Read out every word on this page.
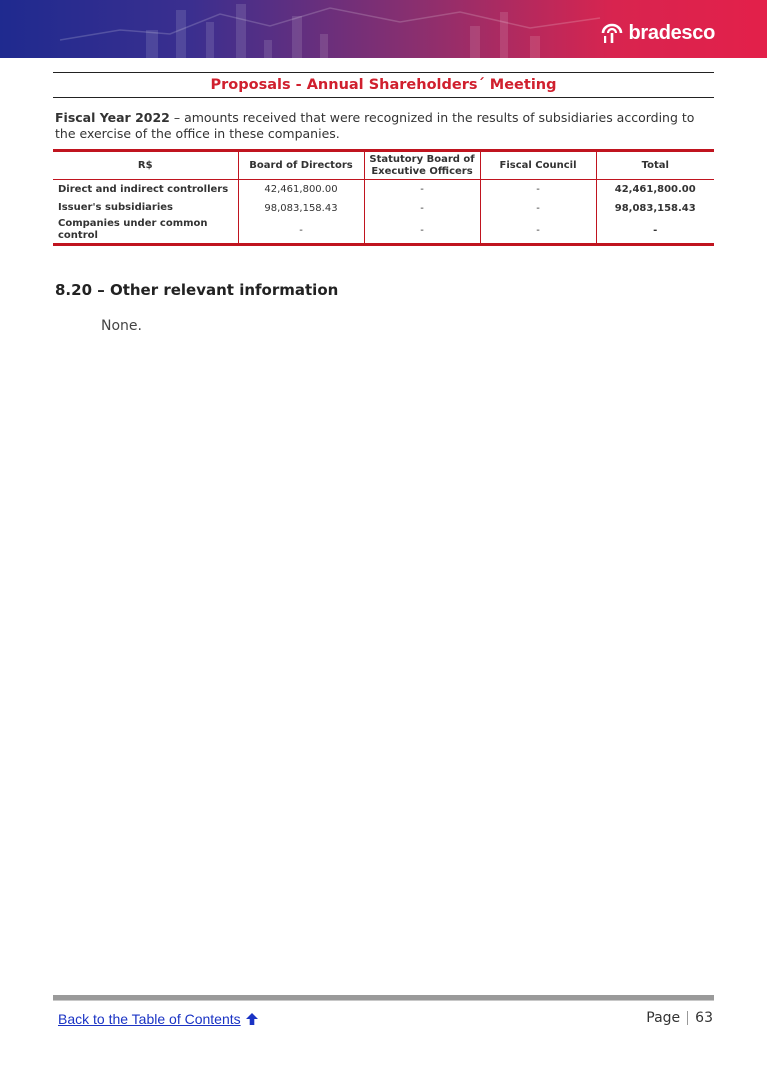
bradesco
Proposals - Annual Shareholders´ Meeting
Fiscal Year 2022 – amounts received that were recognized in the results of subsidiaries according to the exercise of the office in these companies.
R$	Board of Directors	Statutory Board of Executive Officers	Fiscal Council	Total
Direct and indirect controllers	42,461,800.00	-	-	42,461,800.00
Issuer's subsidiaries	98,083,158.43	-	-	98,083,158.43
Companies under common control	-	-	-	-
8.20 – Other relevant information
None.
Back to the Table of Contents	Page 63
